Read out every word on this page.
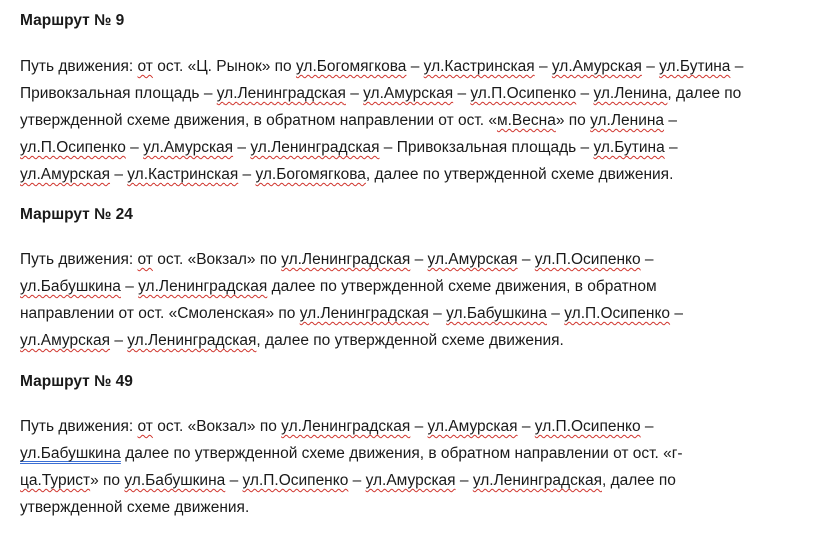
Маршрут № 9
Путь движения: от ост. «Ц. Рынок» по ул.Богомягкова – ул.Кастринская – ул.Амурская – ул.Бутина –
Привокзальная площадь – ул.Ленинградская – ул.Амурская – ул.П.Осипенко – ул.Ленина, далее по
утвержденной схеме движения, в обратном направлении от ост. «м.Весна» по ул.Ленина –
ул.П.Осипенко – ул.Амурская – ул.Ленинградская – Привокзальная площадь – ул.Бутина –
ул.Амурская – ул.Кастринская – ул.Богомягкова, далее по утвержденной схеме движения.
Маршрут № 24
Путь движения: от ост. «Вокзал» по ул.Ленинградская – ул.Амурская – ул.П.Осипенко –
ул.Бабушкина – ул.Ленинградская далее по утвержденной схеме движения, в обратном
направлении от ост. «Смоленская» по ул.Ленинградская – ул.Бабушкина – ул.П.Осипенко –
ул.Амурская – ул.Ленинградская, далее по утвержденной схеме движения.
Маршрут № 49
Путь движения: от ост. «Вокзал» по ул.Ленинградская – ул.Амурская – ул.П.Осипенко –
ул.Бабушкина далее по утвержденной схеме движения, в обратном направлении от ост. «г-
ца.Турист» по ул.Бабушкина – ул.П.Осипенко – ул.Амурская – ул.Ленинградская, далее по
утвержденной схеме движения.
